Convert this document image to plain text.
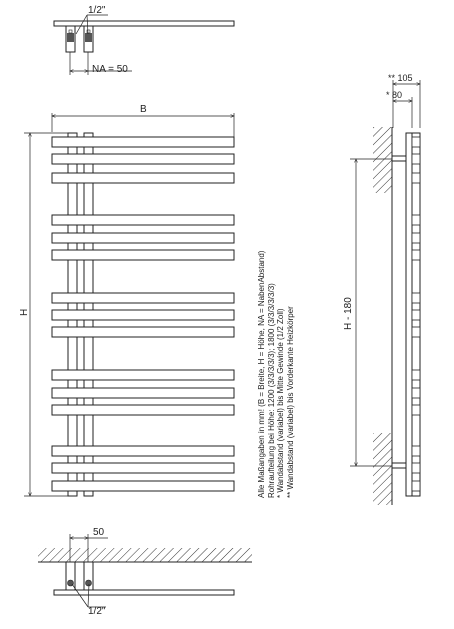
1/2"
NA = 50
B
H
** 105
* 80
H - 180
50
1/2"
Alle Maßangaben in mm! (B = Breite, H = Höhe, NA = NabenAbstand) Rohraufteilung bei Höhe: 1200 (3/3/3/3/3); 1800 (3/3/3/3/3/3) * Wandabstand (variabel) bis Mitte Gewinde (1/2 Zoll) ** Wandabstand (variabel) bis Vorderkante Heizkörper
